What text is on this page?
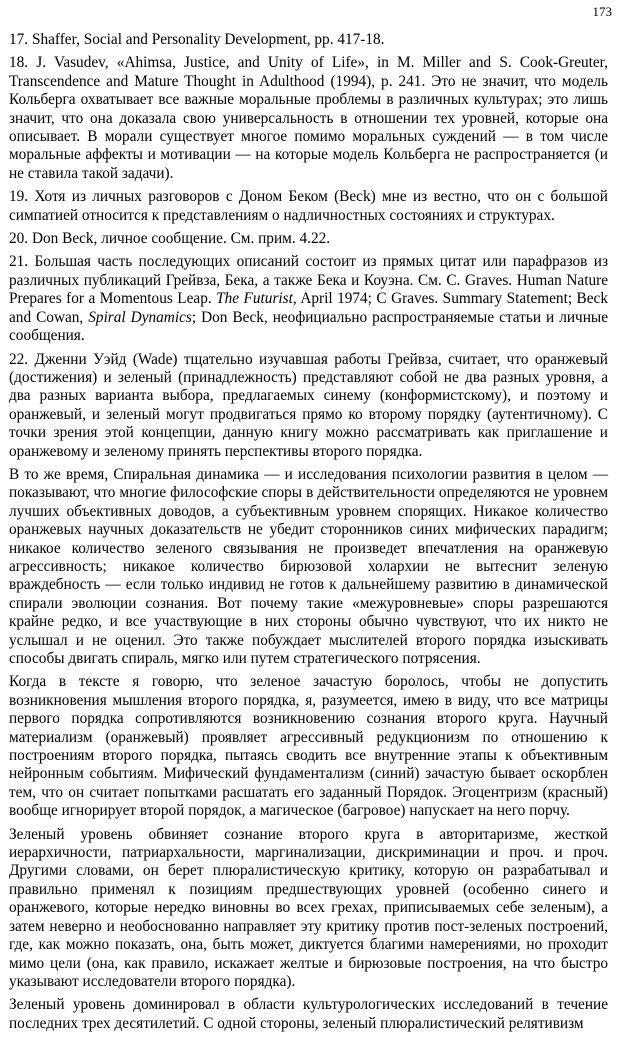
173

17. Shaffer, Social and Personality Development, pp. 417-18.

18. J. Vasudev, «Ahimsa, Justice, and Unity of Life», in M. Miller and S. Cook-Greuter, Transcendence and Mature Thought in Adulthood (1994), p. 241. Это не значит, что модель Кольберга охватывает все важные моральные проблемы в различных культурах; это лишь значит, что она доказала свою универсальность в отношении тех уровней, которые она описывает. В морали существует многое помимо моральных суждений — в том числе моральные аффекты и мотивации — на которые модель Кольберга не распространяется (и не ставила такой задачи).

19. Хотя из личных разговоров с Доном Беком (Beck) мне из вестно, что он с большой симпатией относится к представлениям о надличностных состояниях и структурах.

20. Don Beck, личное сообщение. См. прим. 4.22.

21. Большая часть последующих описаний состоит из прямых цитат или парафразов из различных публикаций Грейвза, Бека, а также Бека и Коуэна. См. С. Graves. Human Nature Prepares for a Momentous Leap. The Futurist, April 1974; С Graves. Summary Statement; Beck and Cowan, Spiral Dynamics; Don Beck, неофициально распространяемые статьи и личные сообщения.

22. Дженни Уэйд (Wade) тщательно изучавшая работы Грейвза, считает, что оранжевый (достижения) и зеленый (принадлежность) представляют собой не два разных уровня, а два разных варианта выбора, предлагаемых синему (конформистскому), и поэтому и оранжевый, и зеленый могут продвигаться прямо ко второму порядку (аутентичному). С точки зрения этой концепции, данную книгу можно рассматривать как приглашение и оранжевому и зеленому принять перспективы второго порядка.

В то же время, Спиральная динамика — и исследования психологии развития в целом — показывают, что многие философские споры в действительности определяются не уровнем лучших объективных доводов, а субъективным уровнем спорящих. Никакое количество оранжевых научных доказательств не убедит сторонников синих мифических парадигм; никакое количество зеленого связывания не произведет впечатления на оранжевую агрессивность; никакое количество бирюзовой холархии не вытеснит зеленую враждебность — если только индивид не готов к дальнейшему развитию в динамической спирали эволюции сознания. Вот почему такие «межуровневые» споры разрешаются крайне редко, и все участвующие в них стороны обычно чувствуют, что их никто не услышал и не оценил. Это также побуждает мыслителей второго порядка изыскивать способы двигать спираль, мягко или путем стратегического потрясения.

Когда в тексте я говорю, что зеленое зачастую боролось, чтобы не допустить возникновения мышления второго порядка, я, разумеется, имею в виду, что все матрицы первого порядка сопротивляются возникновению сознания второго круга. Научный материализм (оранжевый) проявляет агрессивный редукционизм по отношению к построениям второго порядка, пытаясь сводить все внутренние этапы к объективным нейронным событиям. Мифический фундаментализм (синий) зачастую бывает оскорблен тем, что он считает попытками расшатать его заданный Порядок. Эгоцентризм (красный) вообще игнорирует второй порядок, а магическое (багровое) напускает на него порчу.

Зеленый уровень обвиняет сознание второго круга в авторитаризме, жесткой иерархичности, патриархальности, маргинализации, дискриминации и проч. и проч. Другими словами, он берет плюралистическую критику, которую он разрабатывал и правильно применял к позициям предшествующих уровней (особенно синего и оранжевого, которые нередко виновны во всех грехах, приписываемых себе зеленым), а затем неверно и необоснованно направляет эту критику против пост-зеленых построений, где, как можно показать, она, быть может, диктуется благими намерениями, но проходит мимо цели (она, как правило, искажает желтые и бирюзовые построения, на что быстро указывают исследователи второго порядка).

Зеленый уровень доминировал в области культурологических исследований в течение последних трех десятилетий. С одной стороны, зеленый плюралистический релятивизм
